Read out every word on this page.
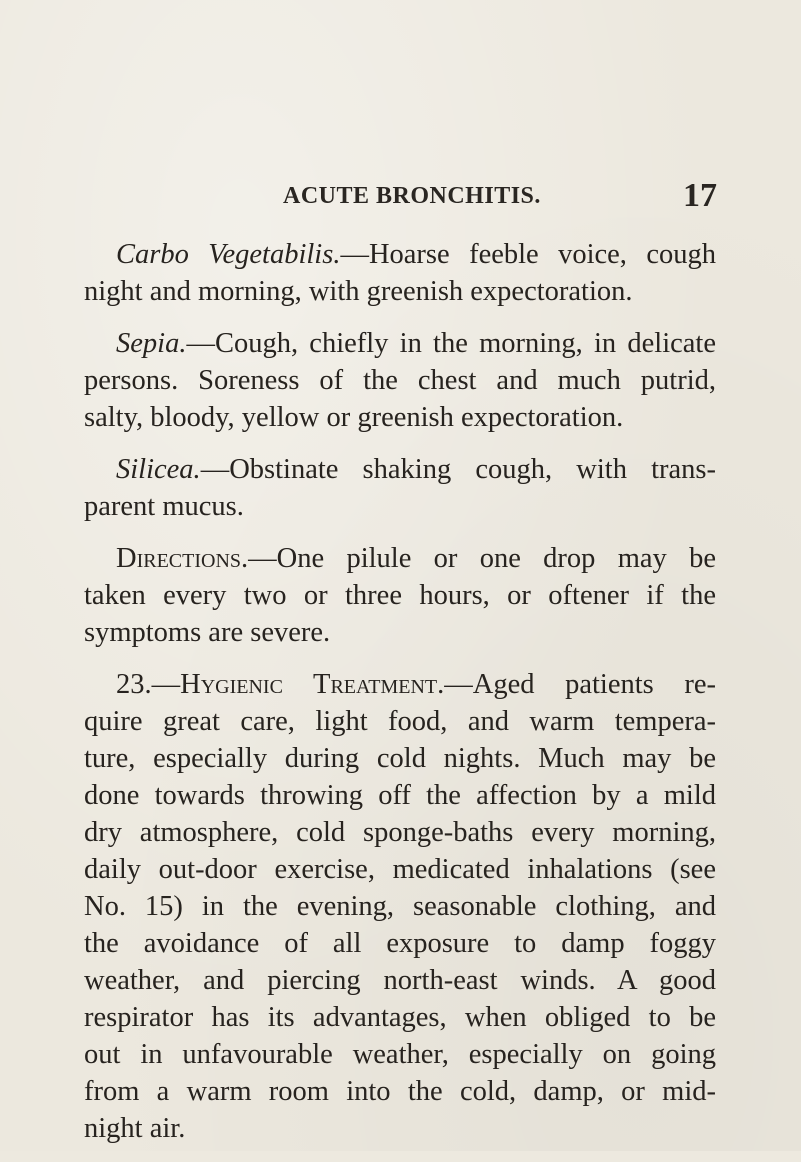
ACUTE BRONCHITIS.	17
Carbo Vegetabilis.—Hoarse feeble voice, cough
night and morning, with greenish expectoration.
Sepia.—Cough, chiefly in the morning, in delicate
persons. Soreness of the chest and much putrid,
salty, bloody, yellow or greenish expectoration.
Silicea.—Obstinate shaking cough, with trans-
parent mucus.
Directions.—One pilule or one drop may be
taken every two or three hours, or oftener if the
symptoms are severe.
23.—Hygienic Treatment.—Aged patients re-
quire great care, light food, and warm tempera-
ture, especially during cold nights. Much may be
done towards throwing off the affection by a mild
dry atmosphere, cold sponge-baths every morning,
daily out-door exercise, medicated inhalations (see
No. 15) in the evening, seasonable clothing, and
the avoidance of all exposure to damp foggy
weather, and piercing north-east winds. A good
respirator has its advantages, when obliged to be
out in unfavourable weather, especially on going
from a warm room into the cold, damp, or mid-
night air.
